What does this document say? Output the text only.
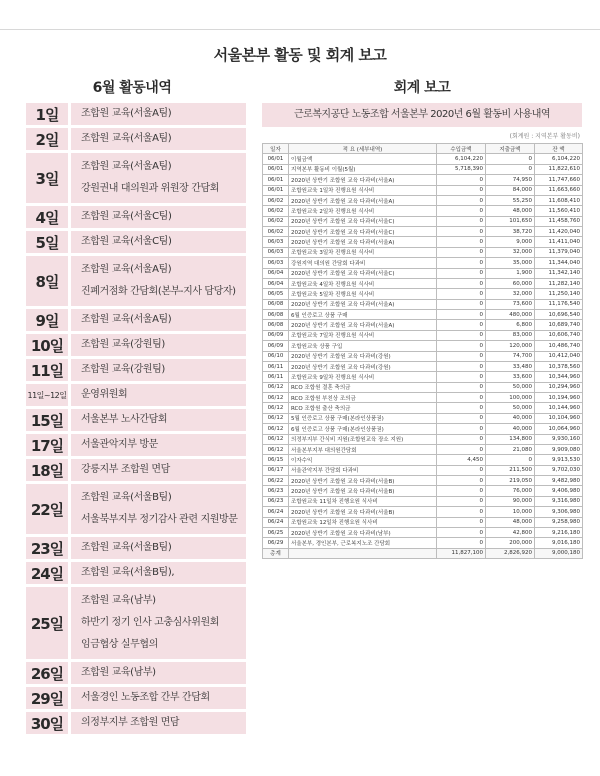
서울본부 활동 및 회계 보고
6월 활동내역	회계 보고
1일	조합원 교육(서울A팀)
2일	조합원 교육(서울A팀)
3일
조합원 교육(서울A팀)
강원권내 대의원과 위원장 간담회
4일	조합원 교육(서울C팀)
5일	조합원 교육(서울C팀)
8일
조합원 교육(서울A팀)
진폐거점화 간담회(본부-지사 담당자)
9일	조합원 교육(서울A팀)
10일	조합원 교육(강원팀)
11일	조합원 교육(강원팀)
11일~12일	운영위원회
15일	서울본부 노사간담회
17일	서울관악지부 방문
18일	강릉지부 조합원 면담
22일
조합원 교육(서울B팀)
서울북부지부 정기감사 관련 지원방문
23일	조합원 교육(서울B팀)
24일	조합원 교육(서울B팀),
25일
조합원 교육(남부)
하반기 정기 인사 고충심사위원회
임금협상 실무협의
26일	조합원 교육(남부)
29일	서울경인 노동조합 간부 간담회
30일	의정부지부 조합원 면담
근로복지공단 노동조합 서울본부 2020년 6월 활동비 사용내역
(회계원 : 지역본부 활동비)
일자	적 요 (세부내역)	수입금액	지출금액	잔 액
06/01	이월금액	6,104,220	0	6,104,220
06/01	지역본부 활동비 이월(5월)	5,718,390	0	11,822,610
06/01	2020년 상반기 조합원 교육 다과비(서울A)	0	74,950	11,747,660
06/01	조합원교육 1일차 진행요원 식사비	0	84,000	11,663,660
06/02	2020년 상반기 조합원 교육 다과비(서울A)	0	55,250	11,608,410
06/02	조합원교육 2일차 진행요원 식사비	0	48,000	11,560,410
06/02	2020년 상반기 조합원 교육 다과비(서울C)	0	101,650	11,458,760
06/02	2020년 상반기 조합원 교육 다과비(서울C)	0	38,720	11,420,040
06/03	2020년 상반기 조합원 교육 다과비(서울A)	0	9,000	11,411,040
06/03	조합원교육 3일차 진행요원 식사비	0	32,000	11,379,040
06/03	강원지역 대의원 간담회 다과비	0	35,000	11,344,040
06/04	2020년 상반기 조합원 교육 다과비(서울C)	0	1,900	11,342,140
06/04	조합원교육 4일차 진행요원 식사비	0	60,000	11,282,140
06/05	조합원교육 5일차 진행요원 식사비	0	32,000	11,250,140
06/08	2020년 상반기 조합원 교육 다과비(서울A)	0	73,600	11,176,540
06/08	6월 인증로고 상품 구매	0	480,000	10,696,540
06/08	2020년 상반기 조합원 교육 다과비(서울A)	0	6,800	10,689,740
06/09	조합원교육 7일차 진행요원 식사비	0	83,000	10,606,740
06/09	조합원교육 상품 구입	0	120,000	10,486,740
06/10	2020년 상반기 조합원 교육 다과비(강원)	0	74,700	10,412,040
06/11	2020년 상반기 조합원 교육 다과비(강원)	0	33,480	10,378,560
06/11	조합원교육 9일차 진행요원 식사비	0	33,600	10,344,960
06/12	RCO 조합원 결혼 축의금	0	50,000	10,294,960
06/12	RCO 조합원 부친상 조의금	0	100,000	10,194,960
06/12	RCO 조합원 출산 축의금	0	50,000	10,144,960
06/12	5월 인증로고 상품 구매(본라인상품권)	0	40,000	10,104,960
06/12	6월 인증로고 상품 구매(본라인상품권)	0	40,000	10,064,960
06/12	의정부지부 간식비 지원(조합원교육 장소 지원)	0	134,800	9,930,160
06/12	서울본부지부 대의원간담회	0	21,080	9,909,080
06/15	이자수익	4,450	0	9,913,530
06/17	서울관악지부 간담회 다과비	0	211,500	9,702,030
06/22	2020년 상반기 조합원 교육 다과비(서울B)	0	219,050	9,482,980
06/23	2020년 상반기 조합원 교육 다과비(서울B)	0	76,000	9,406,980
06/23	조합원교육 11일차 진행요원 식사비	0	90,000	9,316,980
06/24	2020년 상반기 조합원 교육 다과비(서울B)	0	10,000	9,306,980
06/24	조합원교육 12일차 진행요원 식사비	0	48,000	9,258,980
06/25	2020년 상반기 조합원 교육 다과비(남부)	0	42,800	9,216,180
06/29	서울본부, 경인본부, 근로복지노조 간담회	0	200,000	9,016,180
총계		11,827,100	2,826,920	9,000,180
